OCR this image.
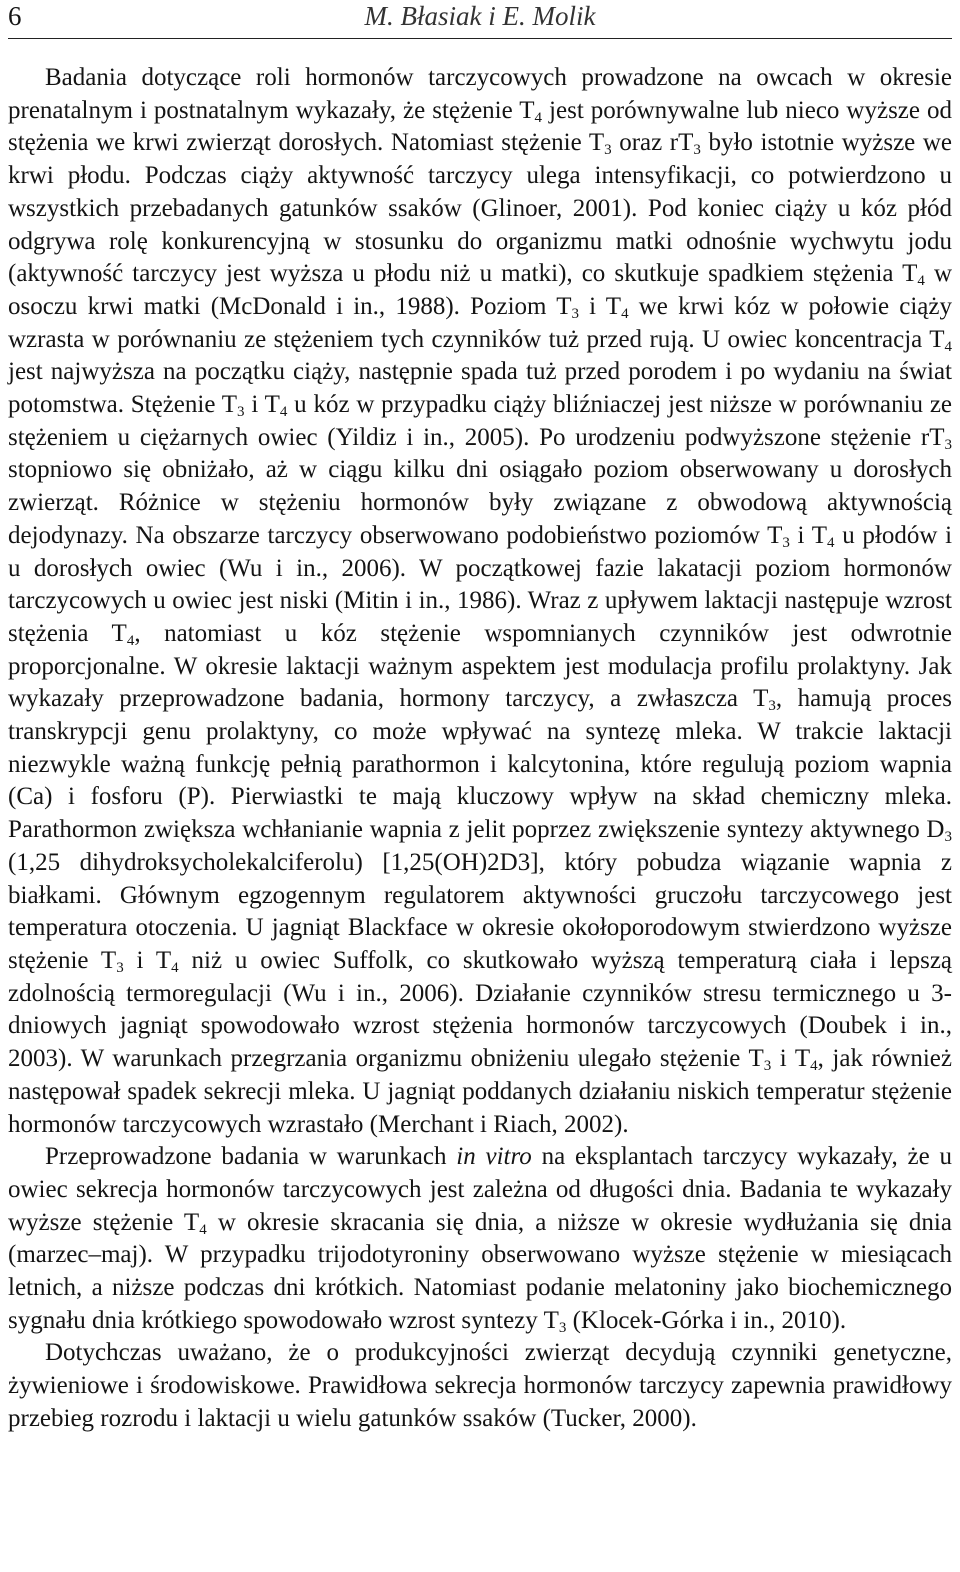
6	M. Błasiak i E. Molik

Badania dotyczące roli hormonów tarczycowych prowadzone na owcach w okresie prenatalnym i postnatalnym wykazały, że stężenie $T_4$ jest porównywalne lub nieco wyższe od stężenia we krwi zwierząt dorosłych. Natomiast stężenie $T_3$ oraz $rT_3$ było istotnie wyższe we krwi płodu. Podczas ciąży aktywność tarczycy ulega intensyfikacji, co potwierdzono u wszystkich przebadanych gatunków ssaków (Glinoer, 2001). Pod koniec ciąży u kóz płód odgrywa rolę konkurencyjną w stosunku do organizmu matki odnośnie wychwytu jodu (aktywność tarczycy jest wyższa u płodu niż u matki), co skutkuje spadkiem stężenia $T_4$ w osoczu krwi matki (McDonald i in., 1988). Poziom $T_3$ i $T_4$ we krwi kóz w połowie ciąży wzrasta w porównaniu ze stężeniem tych czynników tuż przed rują. U owiec koncentracja $T_4$ jest najwyższa na początku ciąży, następnie spada tuż przed porodem i po wydaniu na świat potomstwa. Stężenie $T_3$ i $T_4$ u kóz w przypadku ciąży bliźniaczej jest niższe w porównaniu ze stężeniem u ciężarnych owiec (Yildiz i in., 2005). Po urodzeniu podwyższone stężenie $rT_3$ stopniowo się obniżało, aż w ciągu kilku dni osiągało poziom obserwowany u dorosłych zwierząt. Różnice w stężeniu hormonów były związane z obwodową aktywnością dejodynazy. Na obszarze tarczycy obserwowano podobieństwo poziomów $T_3$ i $T_4$ u płodów i u dorosłych owiec (Wu i in., 2006). W początkowej fazie lakatacji poziom hormonów tarczycowych u owiec jest niski (Mitin i in., 1986). Wraz z upływem laktacji następuje wzrost stężenia $T_4$, natomiast u kóz stężenie wspomnianych czynników jest odwrotnie proporcjonalne. W okresie laktacji ważnym aspektem jest modulacja profilu prolaktyny. Jak wykazały przeprowadzone badania, hormony tarczycy, a zwłaszcza $T_3$, hamują proces transkrypcji genu prolaktyny, co może wpływać na syntezę mleka. W trakcie laktacji niezwykle ważną funkcję pełnią parathormon i kalcytonina, które regulują poziom wapnia (Ca) i fosforu (P). Pierwiastki te mają kluczowy wpływ na skład chemiczny mleka. Parathormon zwiększa wchłanianie wapnia z jelit poprzez zwiększenie syntezy aktywnego $D_3$ (1,25 dihydroksycholekalciferolu) [1,25(OH)2D3], który pobudza wiązanie wapnia z białkami. Głównym egzogennym regulatorem aktywności gruczołu tarczycowego jest temperatura otoczenia. U jagniąt Blackface w okresie okołoporodowym stwierdzono wyższe stężenie $T_3$ i $T_4$ niż u owiec Suffolk, co skutkowało wyższą temperaturą ciała i lepszą zdolnością termoregulacji (Wu i in., 2006). Działanie czynników stresu termicznego u 3-dniowych jagniąt spowodowało wzrost stężenia hormonów tarczycowych (Doubek i in., 2003). W warunkach przegrzania organizmu obniżeniu ulegało stężenie $T_3$ i $T_4$, jak również następował spadek sekrecji mleka. U jagniąt poddanych działaniu niskich temperatur stężenie hormonów tarczycowych wzrastało (Merchant i Riach, 2002).

Przeprowadzone badania w warunkach in vitro na eksplantach tarczycy wykazały, że u owiec sekrecja hormonów tarczycowych jest zależna od długości dnia. Badania te wykazały wyższe stężenie $T_4$ w okresie skracania się dnia, a niższe w okresie wydłużania się dnia (marzec–maj). W przypadku trijodotyroniny obserwowano wyższe stężenie w miesiącach letnich, a niższe podczas dni krótkich. Natomiast podanie melatoniny jako biochemicznego sygnału dnia krótkiego spowodowało wzrost syntezy $T_3$ (Klocek-Górka i in., 2010).

Dotychczas uważano, że o produkcyjności zwierząt decydują czynniki genetyczne, żywieniowe i środowiskowe. Prawidłowa sekrecja hormonów tarczycy zapewnia prawidłowy przebieg rozrodu i laktacji u wielu gatunków ssaków (Tucker, 2000).
